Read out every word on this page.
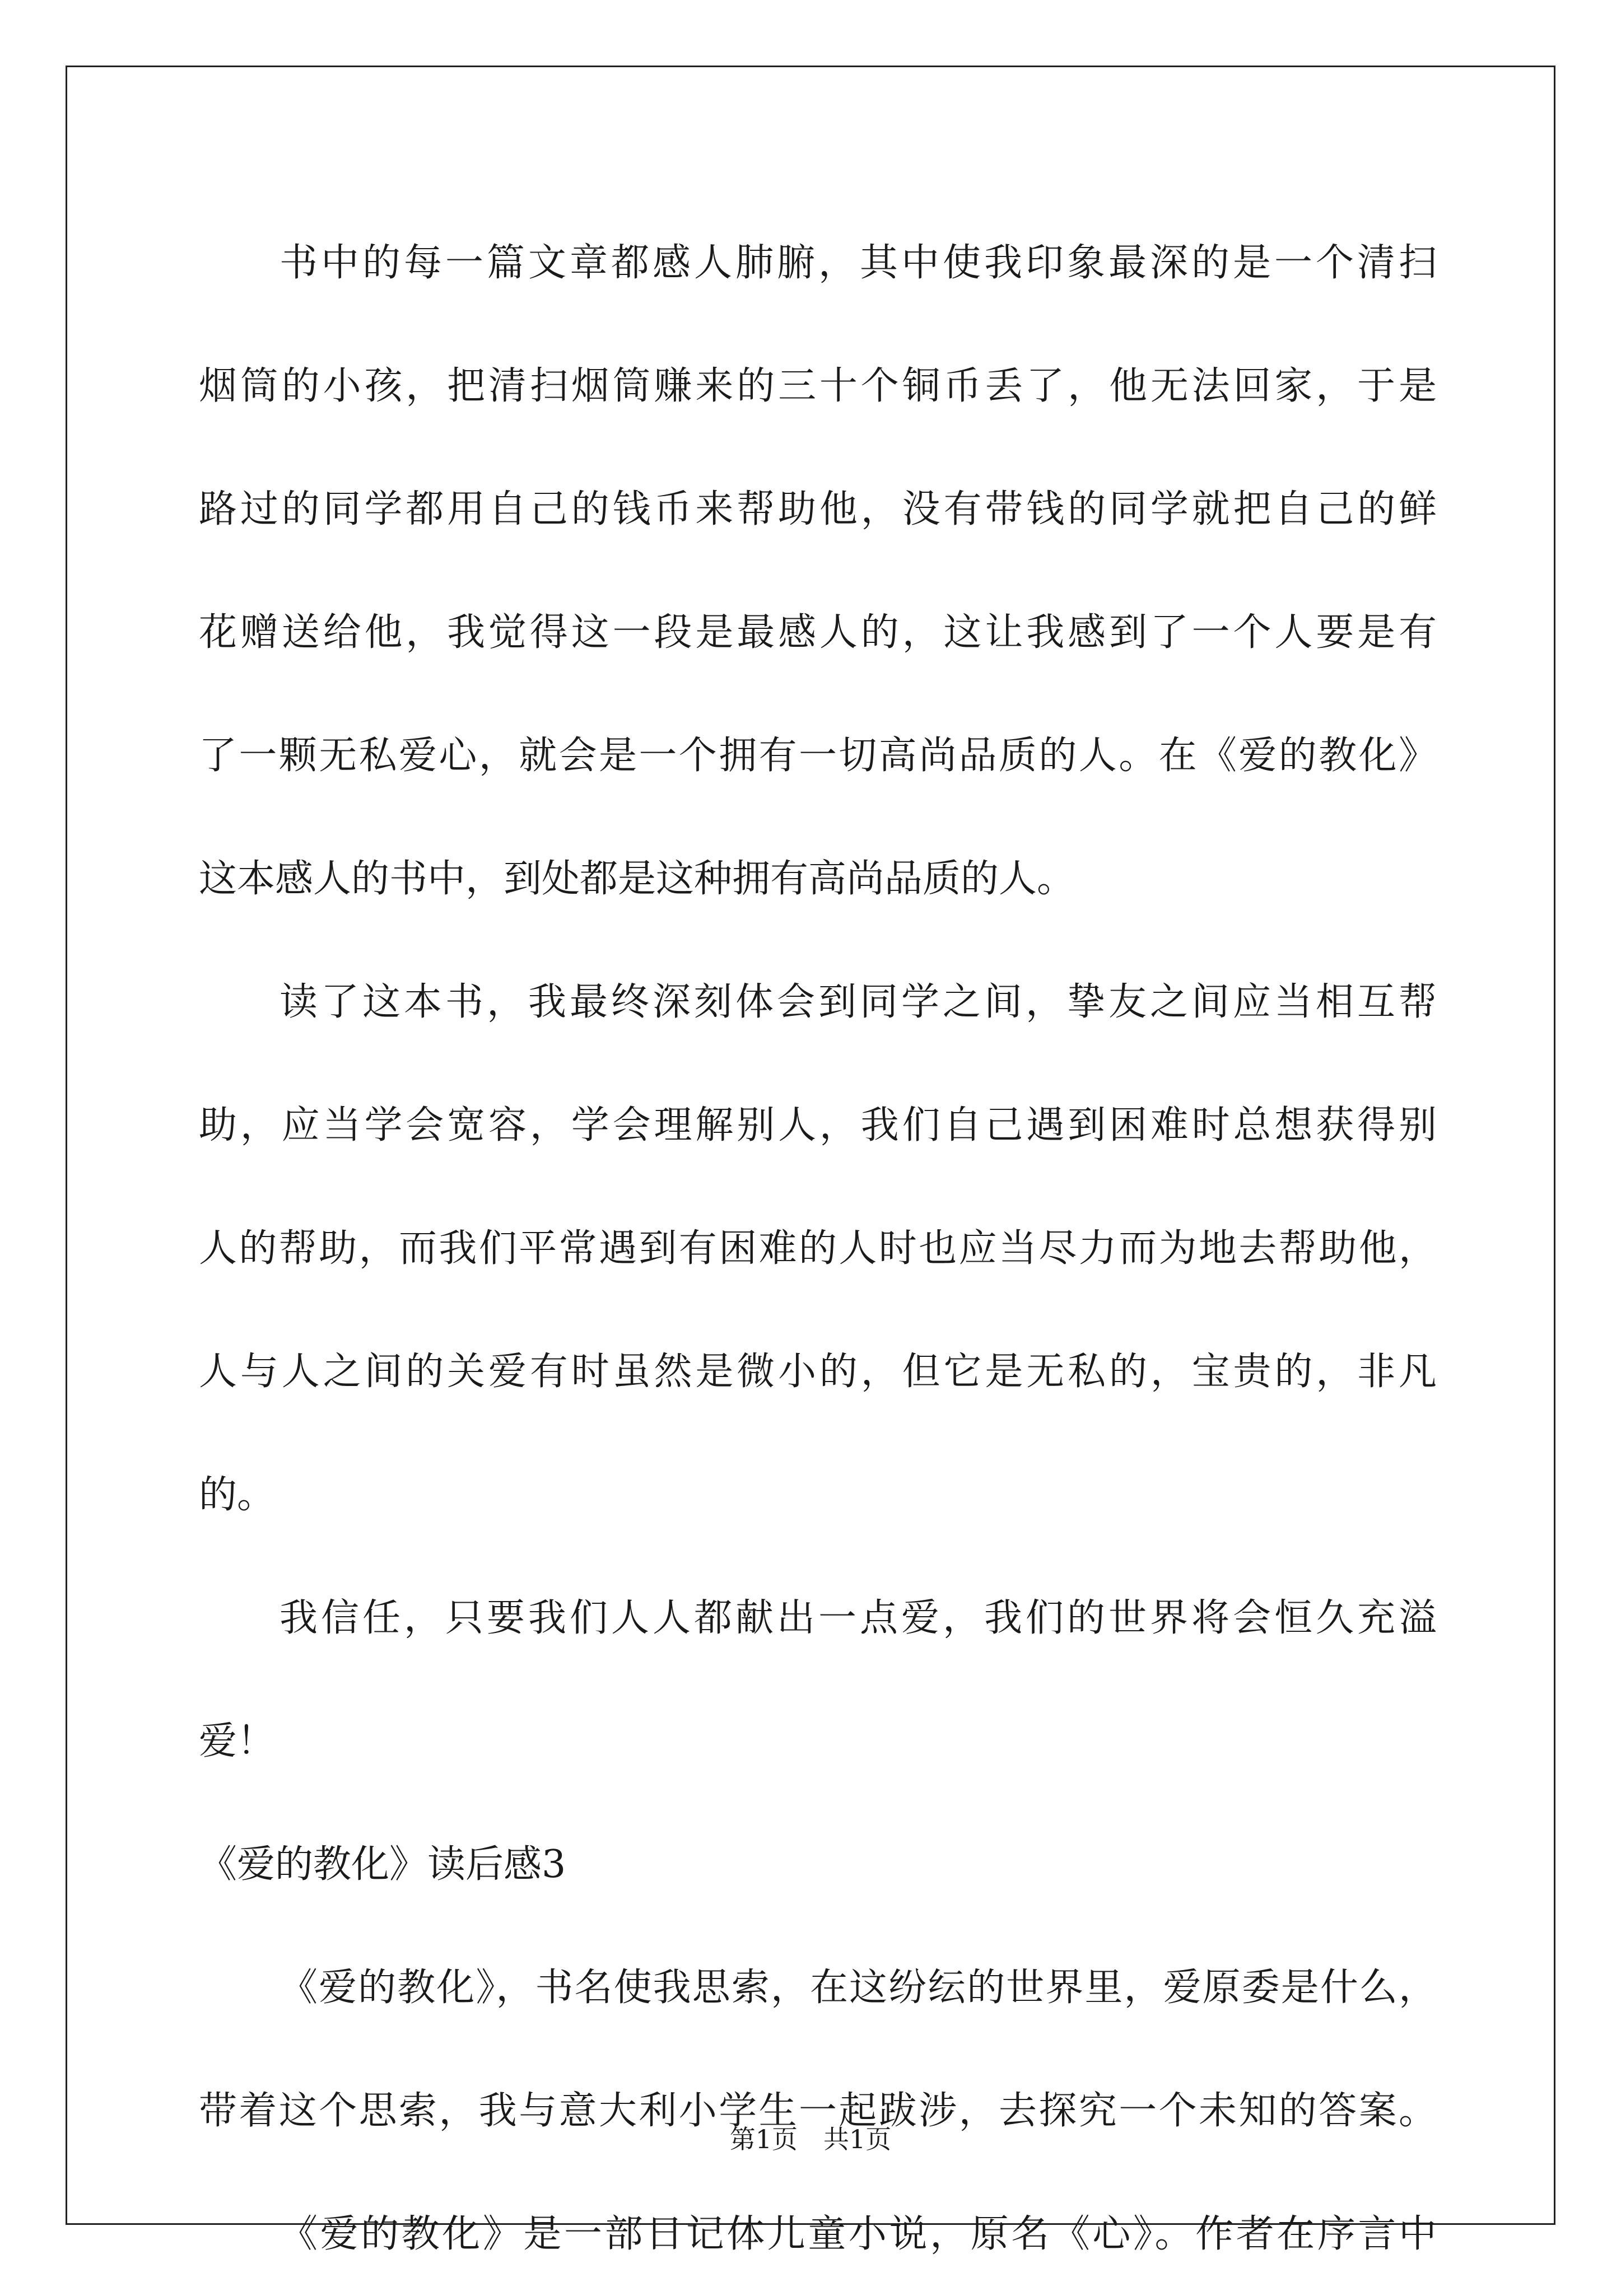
书中的每一篇文章都感人肺腑，其中使我印象最深的是一个清扫
烟筒的小孩，把清扫烟筒赚来的三十个铜币丢了，他无法回家，于是
路过的同学都用自己的钱币来帮助他，没有带钱的同学就把自己的鲜
花赠送给他，我觉得这一段是最感人的，这让我感到了一个人要是有
了一颗无私爱心，就会是一个拥有一切高尚品质的人。在《爱的教化》
这本感人的书中，到处都是这种拥有高尚品质的人。
读了这本书，我最终深刻体会到同学之间，挚友之间应当相互帮
助，应当学会宽容，学会理解别人，我们自己遇到困难时总想获得别
人的帮助，而我们平常遇到有困难的人时也应当尽力而为地去帮助他，
人与人之间的关爱有时虽然是微小的，但它是无私的，宝贵的，非凡
的。
我信任，只要我们人人都献出一点爱，我们的世界将会恒久充溢
爱！
《爱的教化》读后感3
《爱的教化》，书名使我思索，在这纷纭的世界里，爱原委是什么，
带着这个思索，我与意大利小学生一起跋涉，去探究一个未知的答案。
《爱的教化》是一部日记体儿童小说，原名《心》。作者在序言中
第1页 共1页
